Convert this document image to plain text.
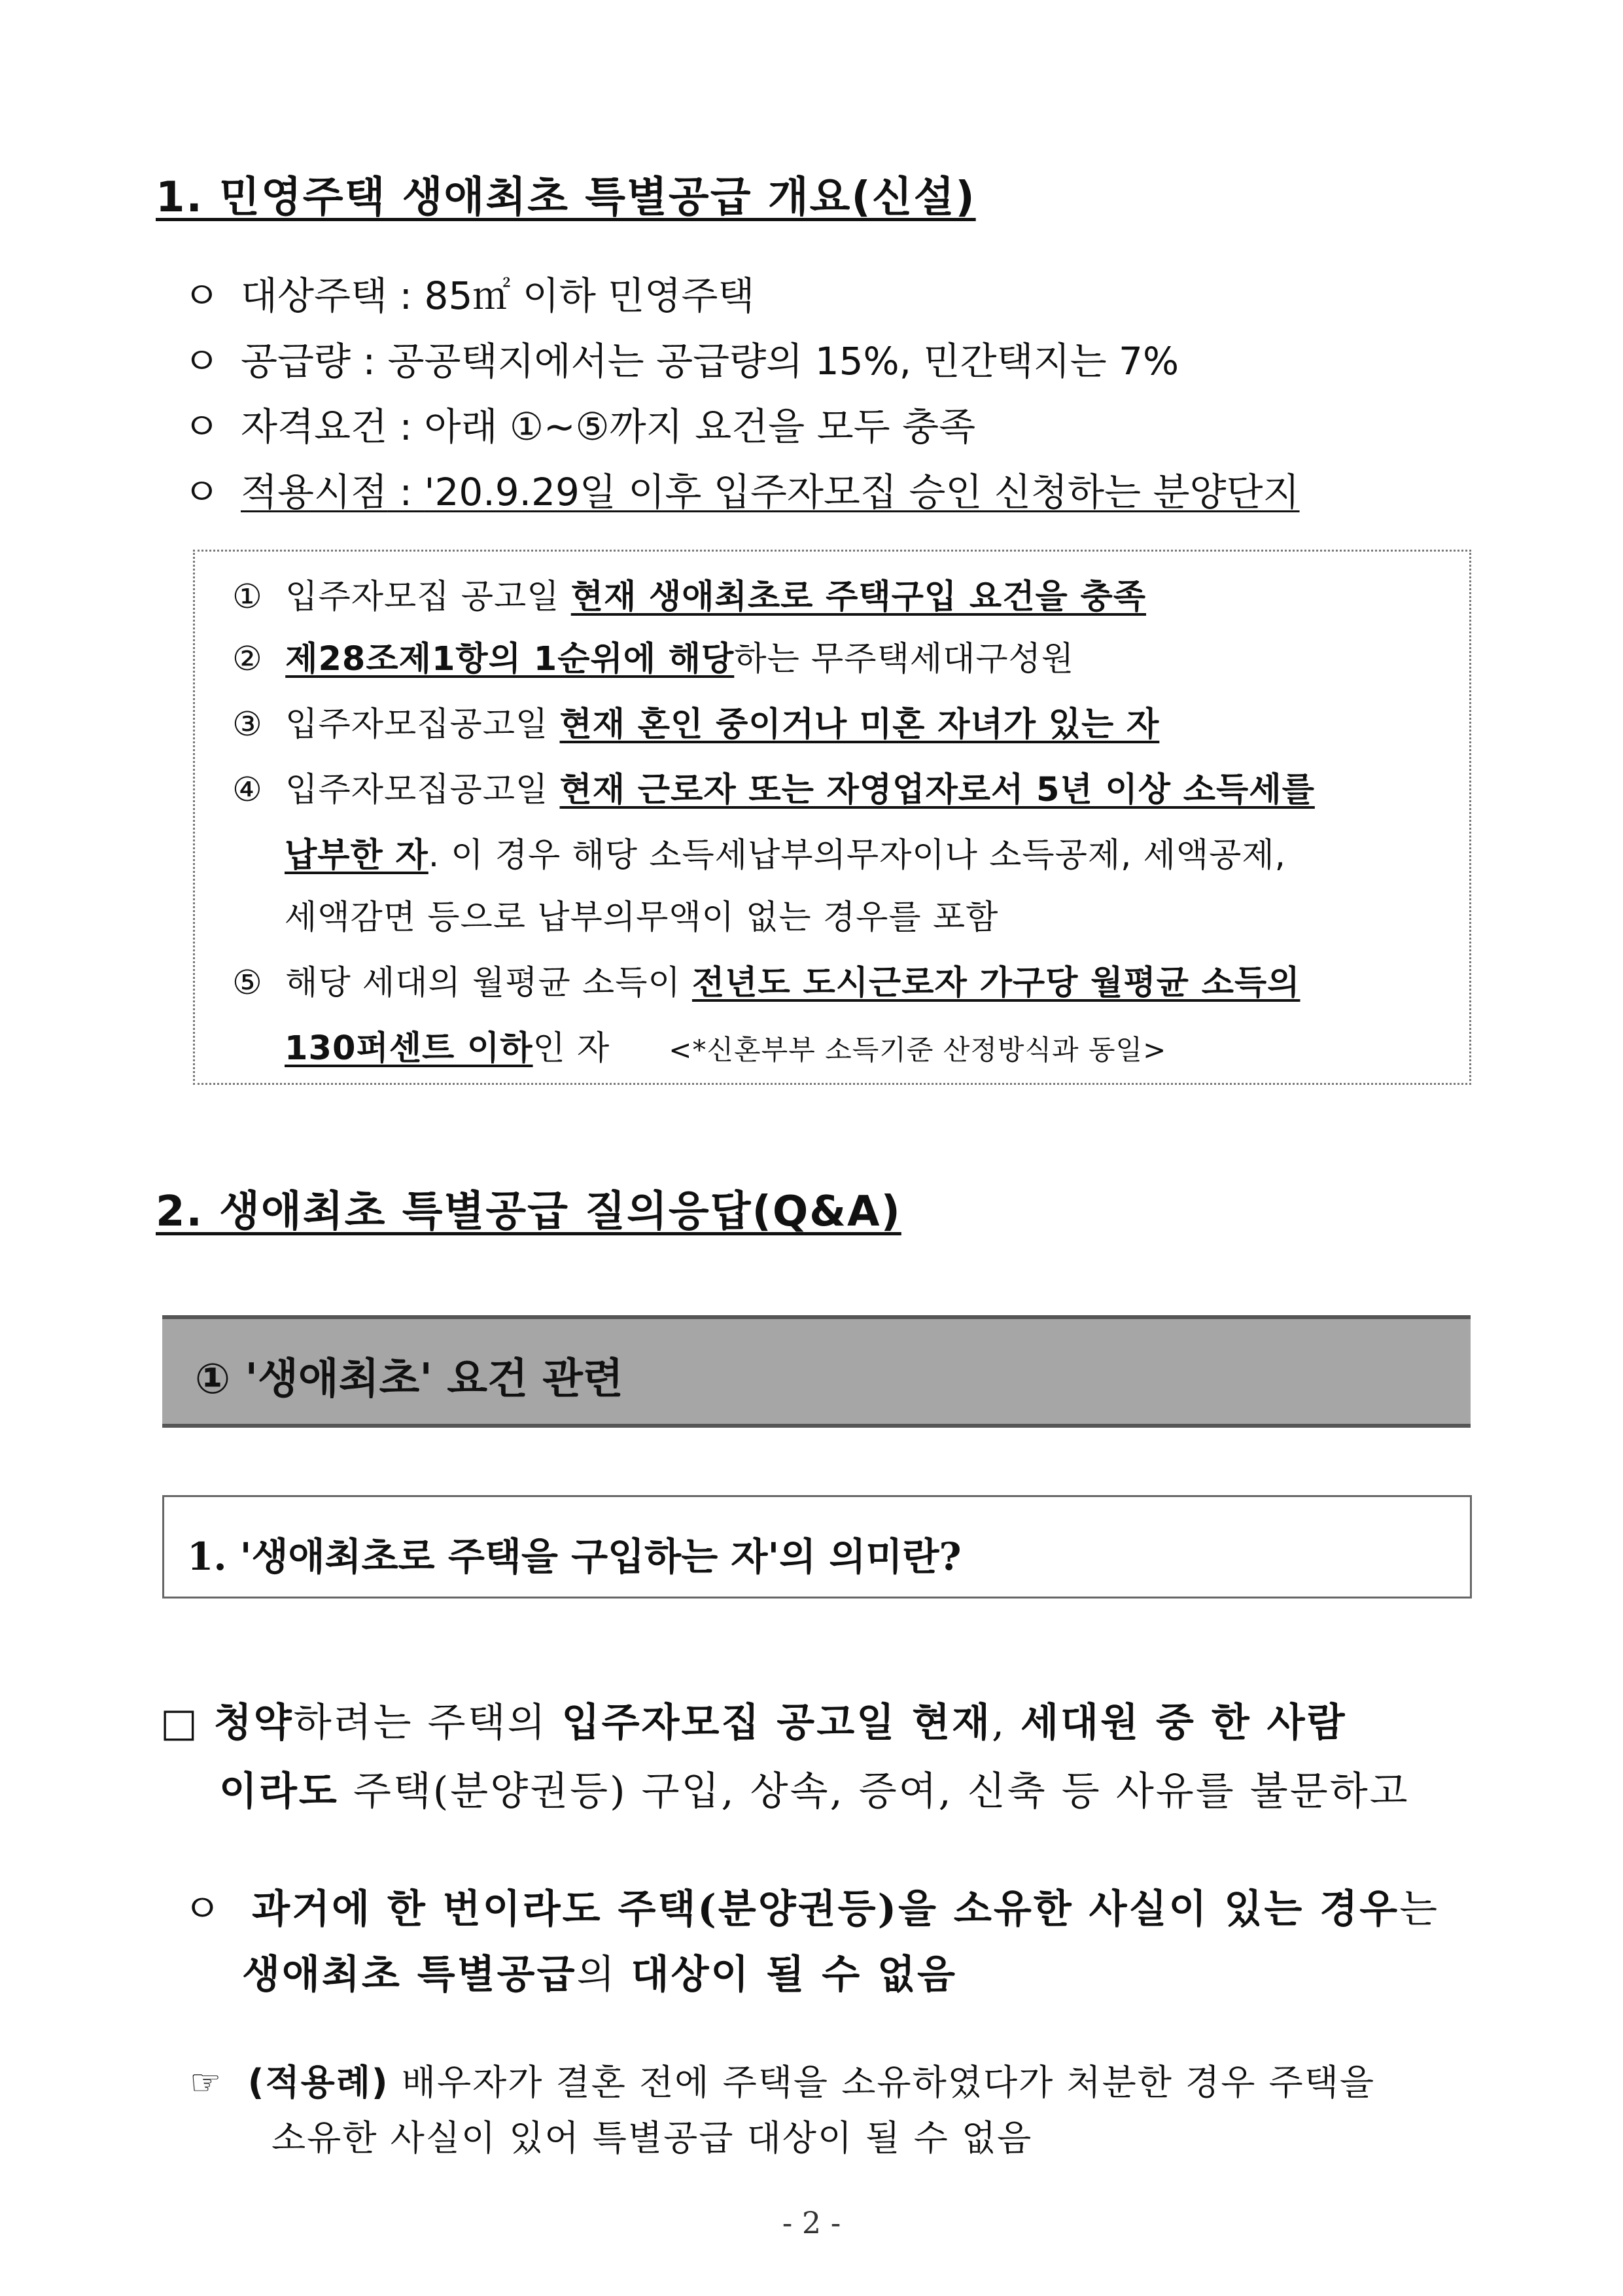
1. 민영주택 생애최초 특별공급 개요(신설)
ㅇ 대상주택 : 85㎡ 이하 민영주택
ㅇ 공급량 : 공공택지에서는 공급량의 15%, 민간택지는 7%
ㅇ 자격요건 : 아래 ①~⑤까지 요건을 모두 충족
ㅇ 적용시점 : '20.9.29일 이후 입주자모집 승인 신청하는 분양단지
① 입주자모집 공고일 현재 생애최초로 주택구입 요건을 충족
② 제28조제1항의 1순위에 해당하는 무주택세대구성원
③ 입주자모집공고일 현재 혼인 중이거나 미혼 자녀가 있는 자
④ 입주자모집공고일 현재 근로자 또는 자영업자로서 5년 이상 소득세를
납부한 자. 이 경우 해당 소득세납부의무자이나 소득공제, 세액공제,
세액감면 등으로 납부의무액이 없는 경우를 포함
⑤ 해당 세대의 월평균 소득이 전년도 도시근로자 가구당 월평균 소득의
130퍼센트 이하인 자 <*신혼부부 소득기준 산정방식과 동일>
2. 생애최초 특별공급 질의응답(Q&A)
① '생애최초' 요건 관련
1. '생애최초로 주택을 구입하는 자'의 의미란?
□ 청약하려는 주택의 입주자모집 공고일 현재, 세대원 중 한 사람
이라도 주택(분양권등) 구입, 상속, 증여, 신축 등 사유를 불문하고
ㅇ 과거에 한 번이라도 주택(분양권등)을 소유한 사실이 있는 경우는
생애최초 특별공급의 대상이 될 수 없음
☞ (적용례) 배우자가 결혼 전에 주택을 소유하였다가 처분한 경우 주택을
소유한 사실이 있어 특별공급 대상이 될 수 없음
- 2 -
